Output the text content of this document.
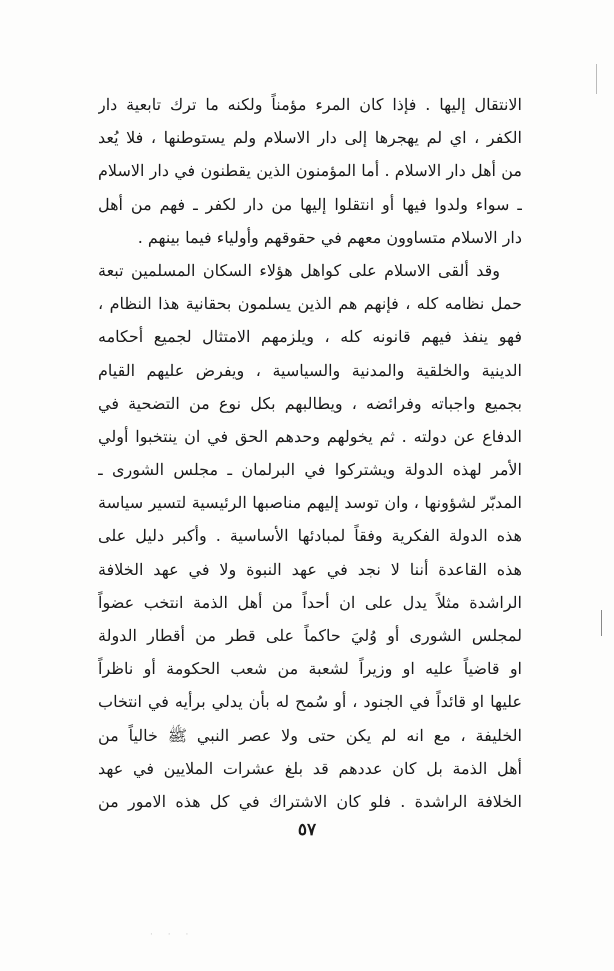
الانتقال إليها . فإذا كان المرء مؤمناً ولكنه ما ترك تابعية دار
الكفر ، اي لم يهجرها إلى دار الاسلام ولم يستوطنها ، فلا يُعد
من أهل دار الاسلام . أما المؤمنون الذين يقطنون في دار الاسلام
ـ سواء ولدوا فيها أو انتقلوا إليها من دار لكفر ـ فهم من أهل
دار الاسلام متساوون معهم في حقوقهم وأولياء فيما بينهم .
وقد ألقى الاسلام على كواهل هؤلاء السكان المسلمين تبعة
حمل نظامه كله ، فإنهم هم الذين يسلمون بحقانية هذا النظام ،
فهو ينفذ فيهم قانونه كله ، ويلزمهم الامتثال لجميع أحكامه
الدينية والخلقية والمدنية والسياسية ، ويفرض عليهم القيام
بجميع واجباته وفرائضه ، ويطالبهم بكل نوع من التضحية في
الدفاع عن دولته . ثم يخولهم وحدهم الحق في ان ينتخبوا أولي
الأمر لهذه الدولة ويشتركوا في البرلمان ـ مجلس الشورى ـ
المدبّر لشؤونها ، وان توسد إليهم مناصبها الرئيسية لتسير سياسة
هذه الدولة الفكرية وفقاً لمبادئها الأساسية . وأكبر دليل على
هذه القاعدة أننا لا نجد في عهد النبوة ولا في عهد الخلافة
الراشدة مثلاً يدل على ان أحداً من أهل الذمة انتخب عضواً
لمجلس الشورى أو وُليَ حاكماً على قطر من أقطار الدولة
او قاضياً عليه او وزيراً لشعبة من شعب الحكومة أو ناظراً
عليها او قائداً في الجنود ، أو سُمح له بأن يدلي برأيه في انتخاب
الخليفة ، مع انه لم يكن حتى ولا عصر النبي ﷺ خالياً من
أهل الذمة بل كان عددهم قد بلغ عشرات الملايين في عهد
الخلافة الراشدة . فلو كان الاشتراك في كل هذه الامور من
٥٧
· · ·
